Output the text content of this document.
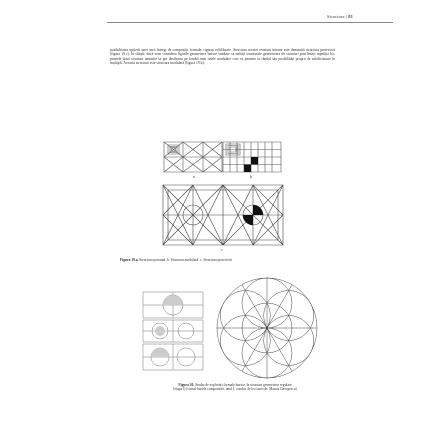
Structura | 81

posibilitatea inițierii unei serii întregi de compoziții formale, riguros echilibrate. Structura acestei tensiuni interne este denumită structură proiectivă (figura 19.c). În sfârșit, dacă vom considera figurile geometrice bazice studiate ca unități structurale generatoare de structuri prin însăși repetiția lor, primele două structuri amintite se pot desfășura pe fondul unei rețele modulare care va permite la rândul său posibilități proprii de subdiviziune în multipli. Această structură este structura modulară (figura 19.b).

a	b
c
Figura 19.a. Structura portantă. b. Structura modulară. c. Structura proiectivă
Figura 20. Studiu de explorări formale bazice, în structuri geometrice regulate
(etapa I) (cursul bazele compoziției, anul I, condus de lect.univ.dr. Marius Georgescu)
